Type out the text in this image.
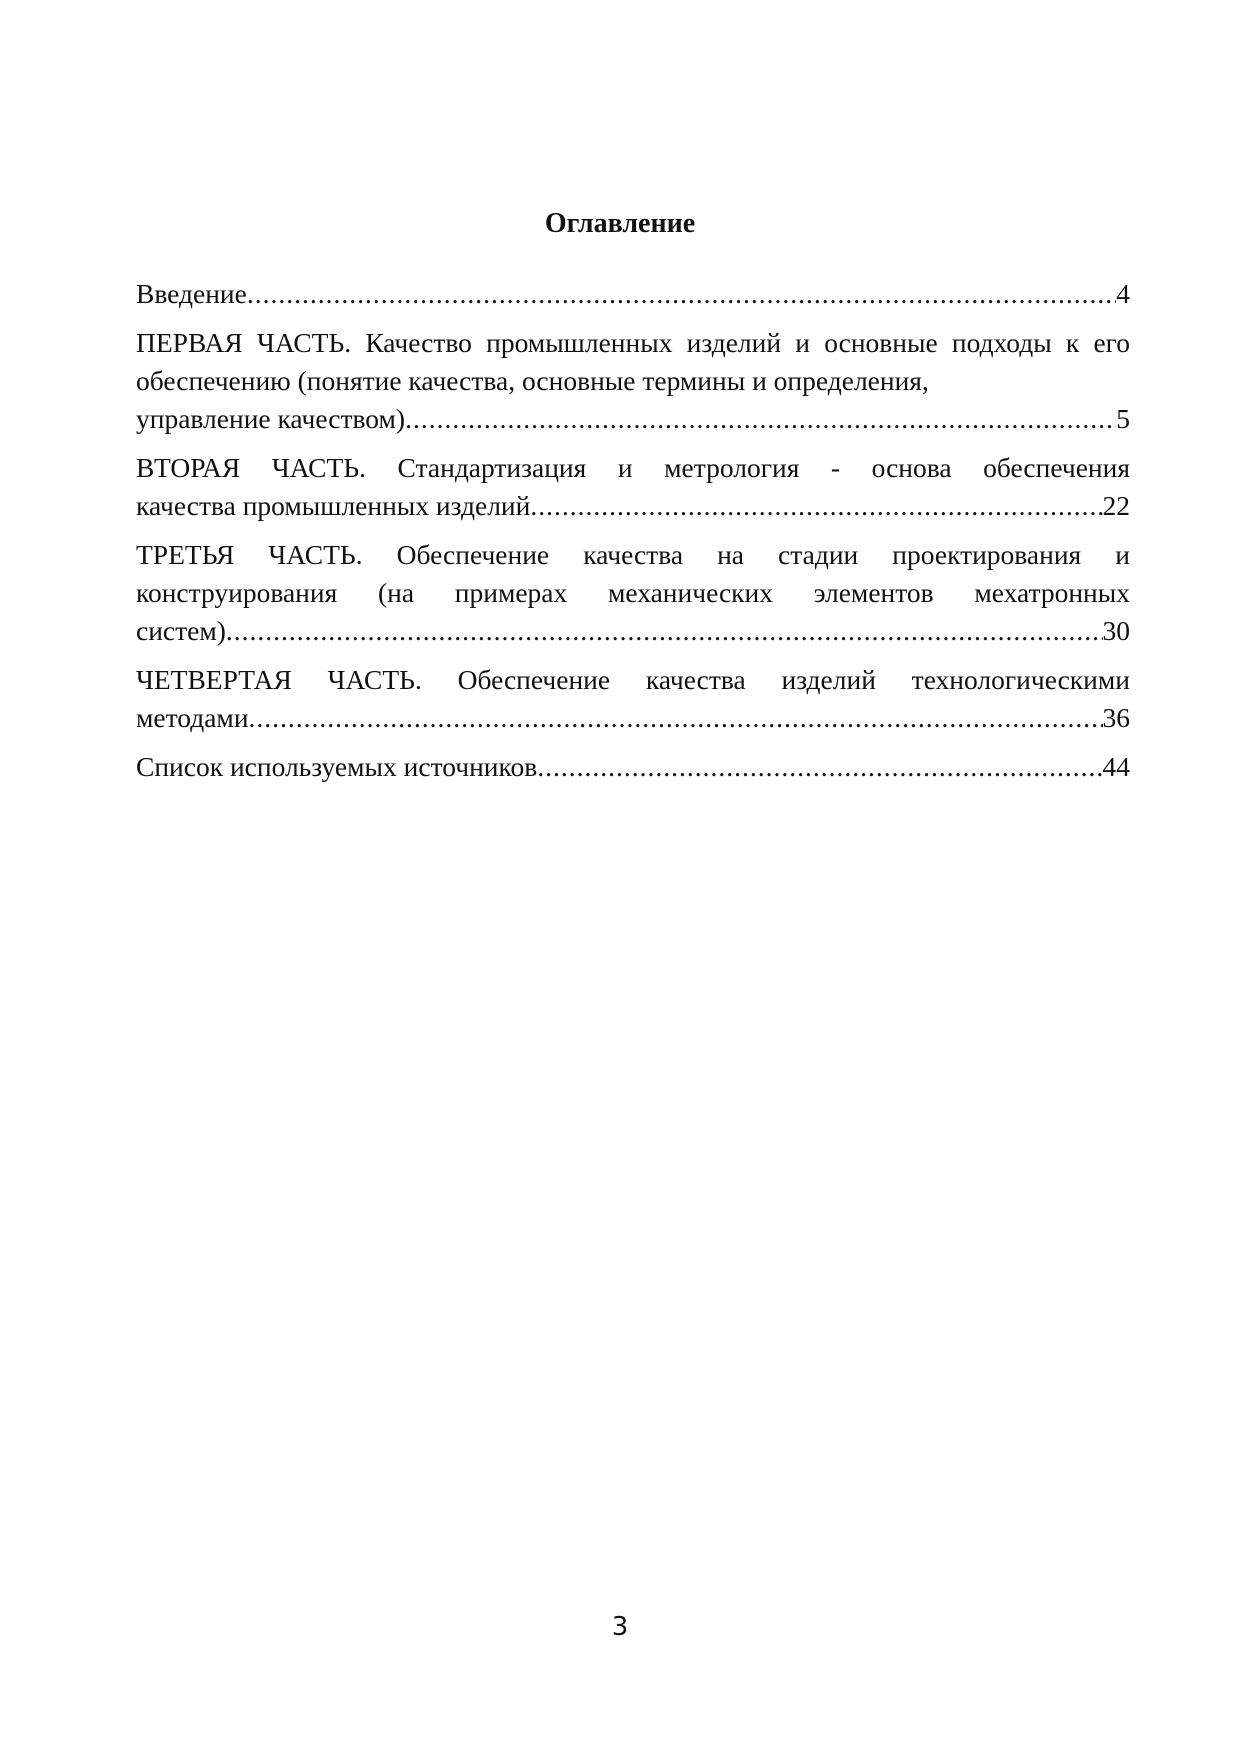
Оглавление
Введение .....	4
ПЕРВАЯ ЧАСТЬ. Качество промышленных изделий и основные подходы к его обеспечению (понятие качества, основные термины и определения,
управление качеством) .....	5
ВТОРАЯ ЧАСТЬ. Стандартизация и метрология - основа обеспечения
качества промышленных изделий .....	22
ТРЕТЬЯ ЧАСТЬ. Обеспечение качества на стадии проектирования и конструирования (на примерах механических элементов мехатронных
систем) .....	30
ЧЕТВЕРТАЯ ЧАСТЬ. Обеспечение качества изделий технологическими
методами .....	36
Список используемых источников .....	44
3
